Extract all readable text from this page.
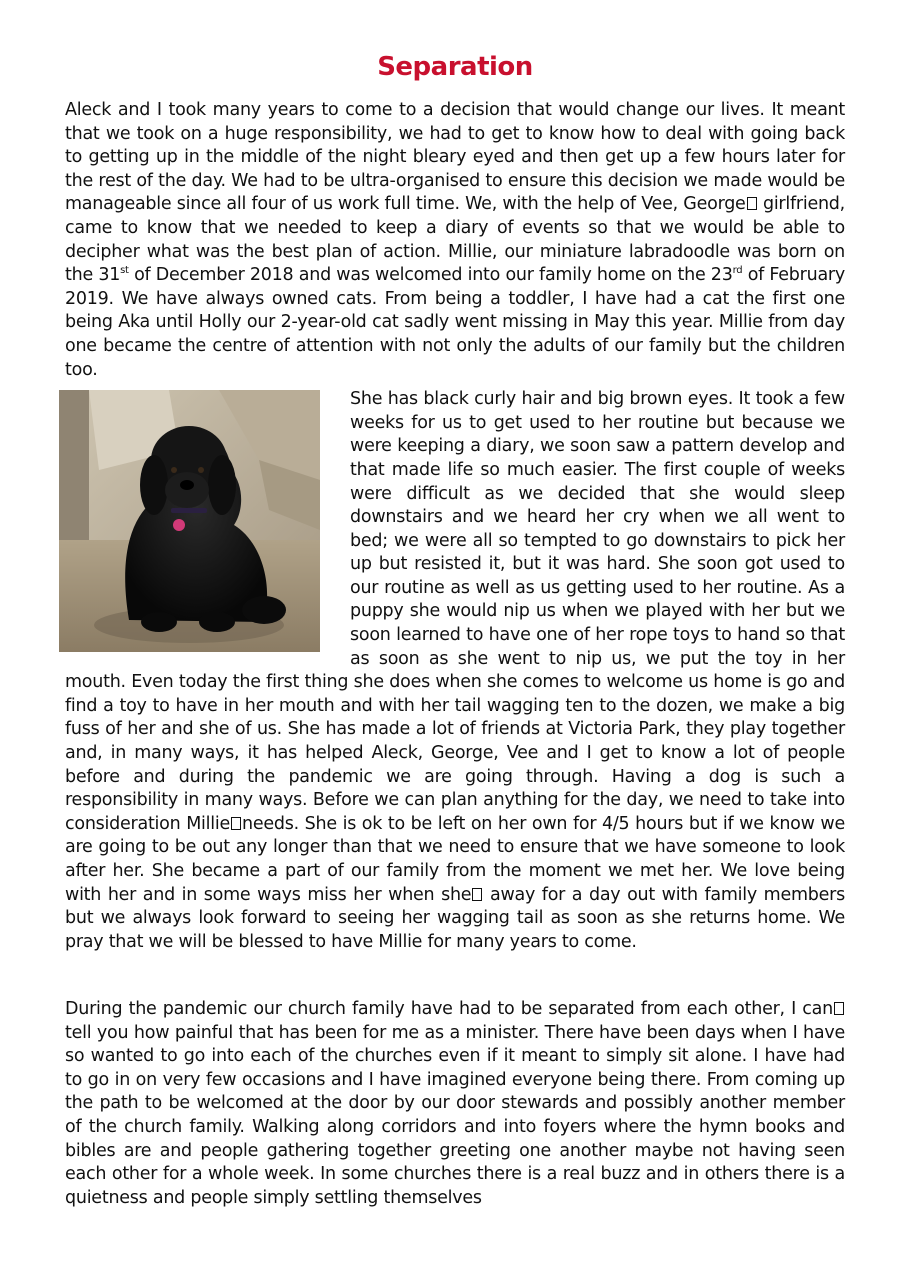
Separation

Aleck and I took many years to come to a decision that would change our lives. It meant that we took on a huge responsibility, we had to get to know how to deal with going back to getting up in the middle of the night bleary eyed and then get up a few hours later for the rest of the day. We had to be ultra-organised to ensure this decision we made would be manageable since all four of us work full time. We, with the help of Vee, George girlfriend, came to know that we needed to keep a diary of events so that we would be able to decipher what was the best plan of action. Millie, our miniature labradoodle was born on the 31st of December 2018 and was welcomed into our family home on the 23rd of February 2019. We have always owned cats. From being a toddler, I have had a cat the first one being Aka until Holly our 2-year-old cat sadly went missing in May this year. Millie from day one became the centre of attention with not only the adults of our family but the children too.

She has black curly hair and big brown eyes. It took a few weeks for us to get used to her routine but because we were keeping a diary, we soon saw a pattern develop and that made life so much easier. The first couple of weeks were difficult as we decided that she would sleep downstairs and we heard her cry when we all went to bed; we were all so tempted to go downstairs to pick her up but resisted it, but it was hard. She soon got used to our routine as well as us getting used to her routine. As a puppy she would nip us when we played with her but we soon learned to have one of her rope toys to hand so that as soon as she went to nip us, we put the toy in her mouth. Even today the first thing she does when she comes to welcome us home is go and find a toy to have in her mouth and with her tail wagging ten to the dozen, we make a big fuss of her and she of us. She has made a lot of friends at Victoria Park, they play together and, in many ways, it has helped Aleck, George, Vee and I get to know a lot of people before and during the pandemic we are going through. Having a dog is such a responsibility in many ways. Before we can plan anything for the day, we need to take into consideration Millie needs. She is ok to be left on her own for 4/5 hours but if we know we are going to be out any longer than that we need to ensure that we have someone to look after her. She became a part of our family from the moment we met her. We love being with her and in some ways miss her when she away for a day out with family members but we always look forward to seeing her wagging tail as soon as she returns home. We pray that we will be blessed to have Millie for many years to come.

During the pandemic our church family have had to be separated from each other, I cantell you how painful that has been for me as a minister. There have been days when I have so wanted to go into each of the churches even if it meant to simply sit alone. I have had to go in on very few occasions and I have imagined everyone being there. From coming up the path to be welcomed at the door by our door stewards and possibly another member of the church family. Walking along corridors and into foyers where the hymn books and bibles are and people gathering together greeting one another maybe not having seen each other for a whole week. In some churches there is a real buzz and in others there is a quietness and people simply settling themselves
